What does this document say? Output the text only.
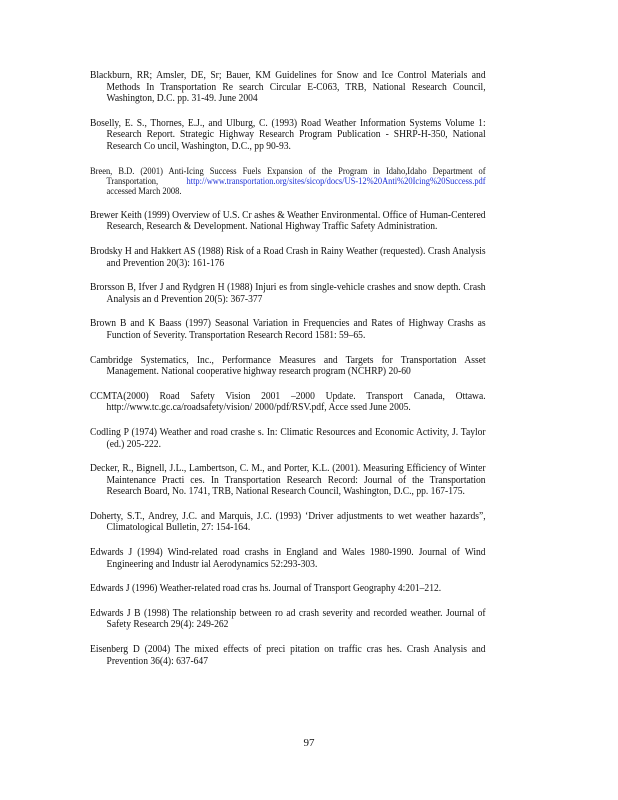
Blackburn, RR; Amsler, DE, Sr; Bauer, KM Guidelines for Snow and Ice Control Materials and Methods In Transportation Re search Circular E-C063, TRB, National Research Council, Washington, D.C. pp. 31-49. June 2004

Boselly, E. S., Thornes, E.J., and Ulburg, C. (1993) Road Weather Information Systems Volume 1: Research Report. Strategic Highway Research Program Publication - SHRP-H-350, National Research Co uncil, Washington, D.C., pp 90-93.

Breen, B.D. (2001) Anti-Icing Success Fuels Expansion of the Program in Idaho,Idaho Department of Transportation, http://www.transportation.org/sites/sicop/docs/US-12%20Anti%20Icing%20Success.pdf accessed March 2008.

Brewer Keith (1999) Overview of U.S. Cr ashes & Weather Environmental. Office of Human-Centered Research, Research & Development. National Highway Traffic Safety Administration.

Brodsky H and Hakkert AS (1988) Risk of a Road Crash in Rainy Weather (requested). Crash Analysis and Prevention 20(3): 161-176

Brorsson B, Ifver J and Rydgren H (1988) Injuri es from single-vehicle crashes and snow depth. Crash Analysis an d Prevention 20(5): 367-377

Brown B and K Baass (1997) Seasonal Variation in Frequencies and Rates of Highway Crashs as Function of Severity. Transportation Research Record 1581: 59–65.

Cambridge Systematics, Inc., Performance Measures and Targets for Transportation Asset Management. National cooperative highway research program (NCHRP) 20-60

CCMTA(2000) Road Safety Vision 2001 –2000 Update. Transport Canada, Ottawa. http://www.tc.gc.ca/roadsafety/vision/ 2000/pdf/RSV.pdf, Acce ssed June 2005.

Codling P (1974) Weather and road crashe s. In: Climatic Resources and Economic Activity, J. Taylor (ed.) 205-222.

Decker, R., Bignell, J.L., Lambertson, C. M., and Porter, K.L. (2001). Measuring Efficiency of Winter Maintenance Practi ces. In Transportation Research Record: Journal of the Transportation Research Board, No. 1741, TRB, National Research Council, Washington, D.C., pp. 167-175.

Doherty, S.T., Andrey, J.C. and Marquis, J.C. (1993) ‘Driver adjustments to wet weather hazards”, Climatological Bulletin, 27: 154-164.

Edwards J (1994) Wind-related road crashs in England and Wales 1980-1990. Journal of Wind Engineering and Industr ial Aerodynamics 52:293-303.

Edwards J (1996) Weather-related road cras hs. Journal of Transport Geography 4:201–212.

Edwards J B (1998) The relationship between ro ad crash severity and recorded weather. Journal of Safety Research 29(4): 249-262

Eisenberg D (2004) The mixed effects of preci pitation on traffic cras hes. Crash Analysis and Prevention 36(4): 637-647

97
